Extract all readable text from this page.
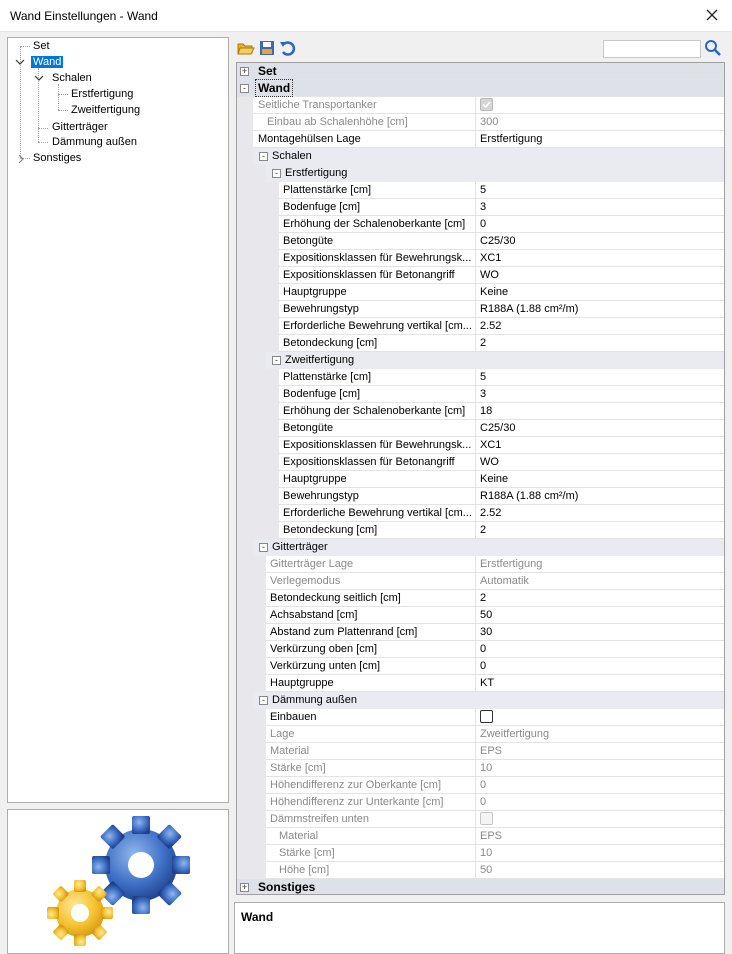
Wand Einstellungen - Wand
Set
Wand
Schalen
Erstfertigung
Zweitfertigung
Gitterträger
Dämmung außen
Sonstiges
+ Set
- Wand
Seitliche Transportanker
Einbau ab Schalenhöhe [cm]	300
Montagehülsen Lage	Erstfertigung
- Schalen
- Erstfertigung
Plattenstärke [cm]	5
Bodenfuge [cm]	3
Erhöhung der Schalenoberkante [cm]	0
Betongüte	C25/30
Expositionsklassen für Bewehrungsk... XC1
Expositionsklassen für Betonangriff	WO
Hauptgruppe	Keine
Bewehrungstyp	R188A (1.88 cm²/m)
Erforderliche Bewehrung vertikal [cm... 2.52
Betondeckung [cm]	2
- Zweitfertigung
Plattenstärke [cm]	5
Bodenfuge [cm]	3
Erhöhung der Schalenoberkante [cm]	18
Betongüte	C25/30
Expositionsklassen für Bewehrungsk... XC1
Expositionsklassen für Betonangriff	WO
Hauptgruppe	Keine
Bewehrungstyp	R188A (1.88 cm²/m)
Erforderliche Bewehrung vertikal [cm... 2.52
Betondeckung [cm]	2
- Gitterträger
Gitterträger Lage	Erstfertigung
Verlegemodus	Automatik
Betondeckung seitlich [cm]	2
Achsabstand [cm]	50
Abstand zum Plattenrand [cm]	30
Verkürzung oben [cm]	0
Verkürzung unten [cm]	0
Hauptgruppe	KT
- Dämmung außen
Einbauen
Lage	Zweitfertigung
Material	EPS
Stärke [cm]	10
Höhendifferenz zur Oberkante [cm]	0
Höhendifferenz zur Unterkante [cm]	0
Dämmstreifen unten
Material	EPS
Stärke [cm]	10
Höhe [cm]	50
+ Sonstiges
Wand
